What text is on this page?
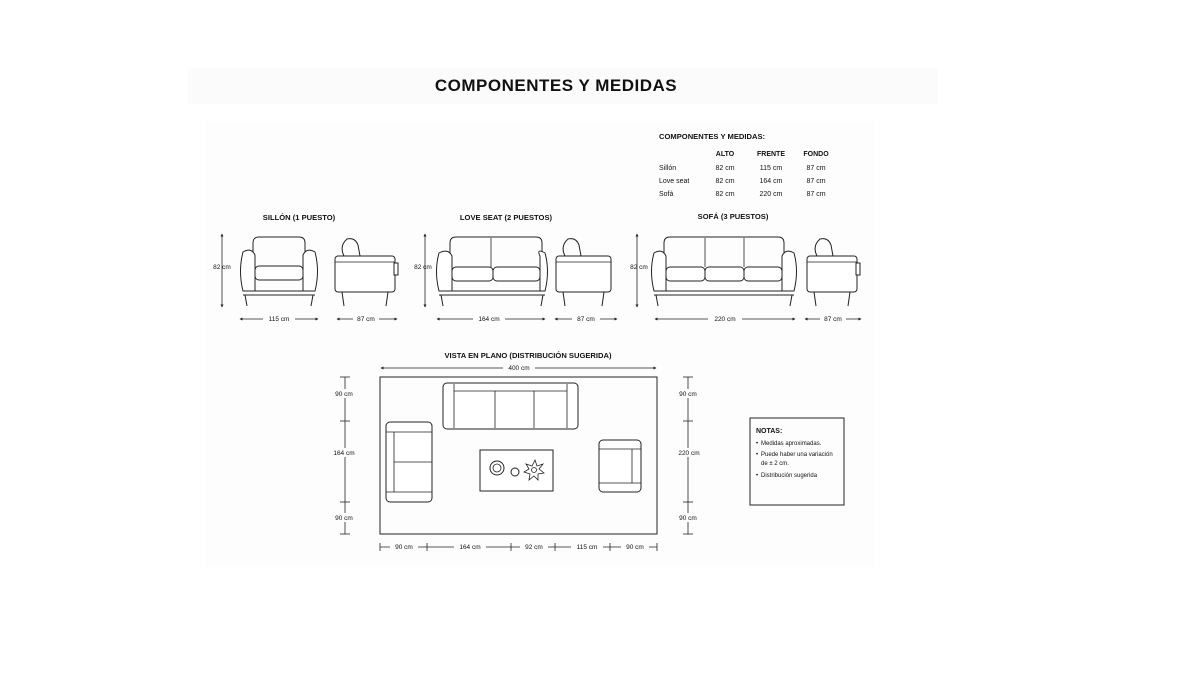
COMPONENTES Y MEDIDAS
COMPONENTES Y MEDIDAS:
ALTO	FRENTE	FONDO
Sillón	82 cm	115 cm	87 cm
Love seat	82 cm	164 cm	87 cm
Sofá	82 cm	220 cm	87 cm
SILLÓN (1 PUESTO)
82 cm
115 cm	87 cm
LOVE SEAT (2 PUESTOS)
82 cm
164 cm	87 cm
SOFÁ (3 PUESTOS)
82 cm
220 cm	87 cm
VISTA EN PLANO (DISTRIBUCIÓN SUGERIDA)
400 cm
90 cm
164 cm
90 cm
90 cm
220 cm
90 cm
90 cm	164 cm	92 cm	115 cm	90 cm
NOTAS:
• Medidas aproximadas.
• Puede haber una variación
de ± 2 cm.
• Distribución sugerida
